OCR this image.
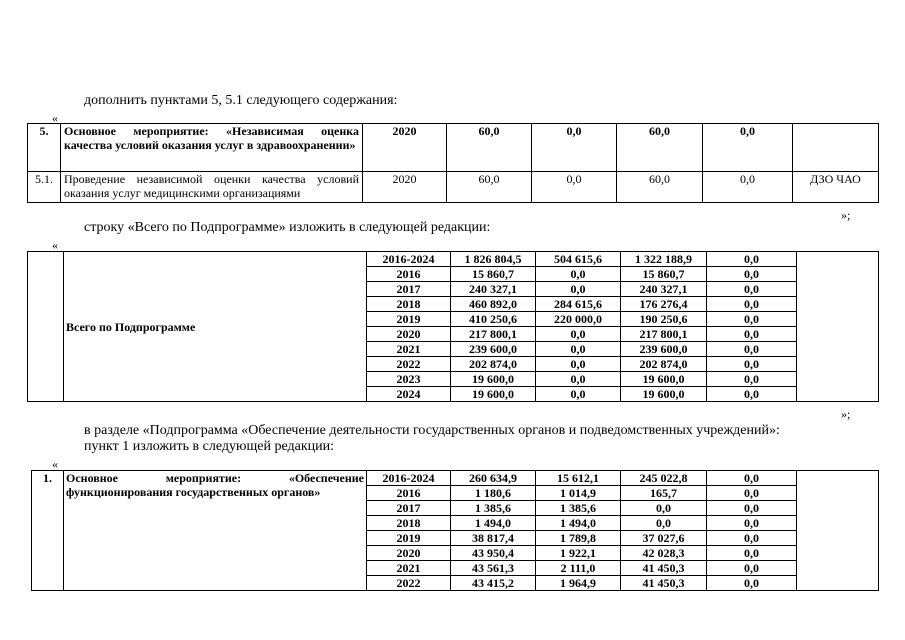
дополнить пунктами 5, 5.1 следующего содержания:
«
5.	Основное мероприятие: «Независимая оценка качества условий оказания услуг в здравоохранении»	2020	60,0	0,0	60,0	0,0	
5.1.	Проведение независимой оценки качества условий оказания услуг медицинскими организациями	2020	60,0	0,0	60,0	0,0	ДЗО ЧАО
»;
строку «Всего по Подпрограмме» изложить в следующей редакции:
«
	Всего по Подпрограмме	2016-2024	1 826 804,5	504 615,6	1 322 188,9	0,0	
		2016	15 860,7	0,0	15 860,7	0,0	
		2017	240 327,1	0,0	240 327,1	0,0	
		2018	460 892,0	284 615,6	176 276,4	0,0	
		2019	410 250,6	220 000,0	190 250,6	0,0	
		2020	217 800,1	0,0	217 800,1	0,0	
		2021	239 600,0	0,0	239 600,0	0,0	
		2022	202 874,0	0,0	202 874,0	0,0	
		2023	19 600,0	0,0	19 600,0	0,0	
		2024	19 600,0	0,0	19 600,0	0,0	
»;
в разделе «Подпрограмма «Обеспечение деятельности государственных органов и подведомственных учреждений»:
пункт 1 изложить в следующей редакции:
«
1.	Основное мероприятие: «Обеспечение
функционирования государственных органов»	2016-2024	260 634,9	15 612,1	245 022,8	0,0	
		2016	1 180,6	1 014,9	165,7	0,0	
		2017	1 385,6	1 385,6	0,0	0,0	
		2018	1 494,0	1 494,0	0,0	0,0	
		2019	38 817,4	1 789,8	37 027,6	0,0	
		2020	43 950,4	1 922,1	42 028,3	0,0	
		2021	43 561,3	2 111,0	41 450,3	0,0	
		2022	43 415,2	1 964,9	41 450,3	0,0	
